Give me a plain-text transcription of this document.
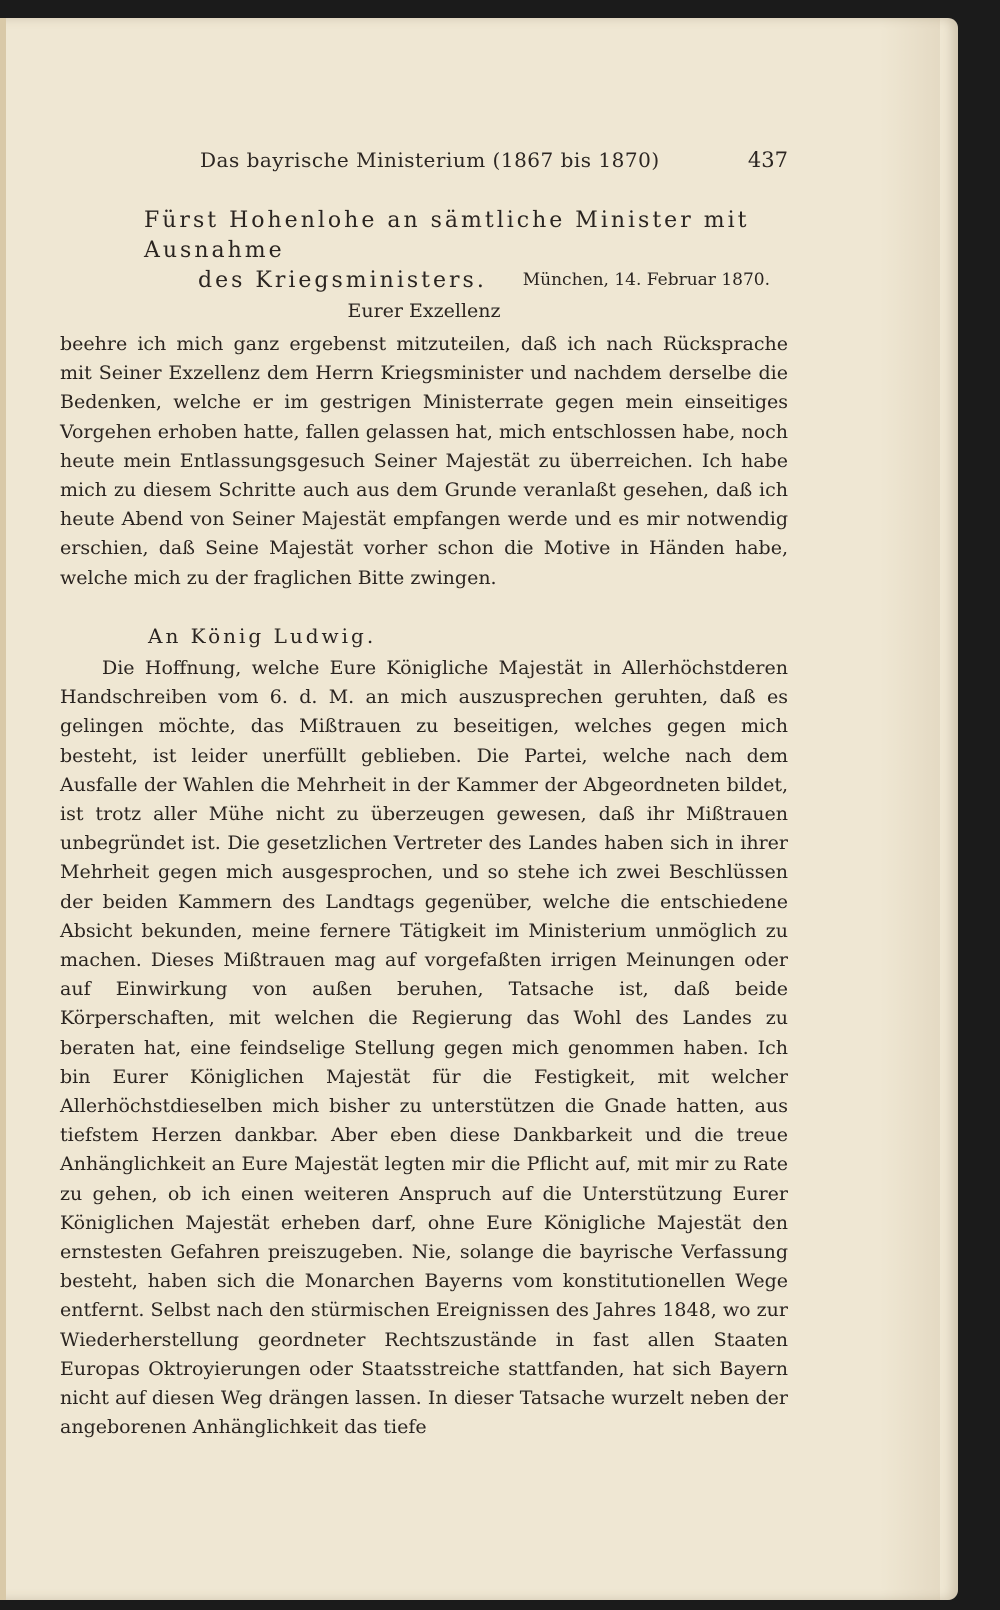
Das bayrische Ministerium (1867 bis 1870)	437
Fürst Hohenlohe an sämtliche Minister mit Ausnahme
des Kriegsministers.	München, 14. Februar 1870.
Eurer Exzellenz
beehre ich mich ganz ergebenst mitzuteilen, daß ich nach Rücksprache mit Seiner Exzellenz dem Herrn Kriegsminister und nachdem derselbe die Bedenken, welche er im gestrigen Ministerrate gegen mein einseitiges Vorgehen erhoben hatte, fallen gelassen hat, mich entschlossen habe, noch heute mein Entlassungsgesuch Seiner Majestät zu überreichen. Ich habe mich zu diesem Schritte auch aus dem Grunde veranlaßt gesehen, daß ich heute Abend von Seiner Majestät empfangen werde und es mir notwendig erschien, daß Seine Majestät vorher schon die Motive in Händen habe, welche mich zu der fraglichen Bitte zwingen.
An König Ludwig.
Die Hoffnung, welche Eure Königliche Majestät in Allerhöchstderen Handschreiben vom 6. d. M. an mich auszusprechen geruhten, daß es gelingen möchte, das Mißtrauen zu beseitigen, welches gegen mich besteht, ist leider unerfüllt geblieben. Die Partei, welche nach dem Ausfalle der Wahlen die Mehrheit in der Kammer der Abgeordneten bildet, ist trotz aller Mühe nicht zu überzeugen gewesen, daß ihr Mißtrauen unbegründet ist. Die gesetzlichen Vertreter des Landes haben sich in ihrer Mehrheit gegen mich ausgesprochen, und so stehe ich zwei Beschlüssen der beiden Kammern des Landtags gegenüber, welche die entschiedene Absicht bekunden, meine fernere Tätigkeit im Ministerium unmöglich zu machen. Dieses Mißtrauen mag auf vorgefaßten irrigen Meinungen oder auf Einwirkung von außen beruhen, Tatsache ist, daß beide Körperschaften, mit welchen die Regierung das Wohl des Landes zu beraten hat, eine feindselige Stellung gegen mich genommen haben. Ich bin Eurer Königlichen Majestät für die Festigkeit, mit welcher Allerhöchstdieselben mich bisher zu unterstützen die Gnade hatten, aus tiefstem Herzen dankbar. Aber eben diese Dankbarkeit und die treue Anhänglichkeit an Eure Majestät legten mir die Pflicht auf, mit mir zu Rate zu gehen, ob ich einen weiteren Anspruch auf die Unterstützung Eurer Königlichen Majestät erheben darf, ohne Eure Königliche Majestät den ernstesten Gefahren preiszugeben. Nie, solange die bayrische Verfassung besteht, haben sich die Monarchen Bayerns vom konstitutionellen Wege entfernt. Selbst nach den stürmischen Ereignissen des Jahres 1848, wo zur Wiederherstellung geordneter Rechtszustände in fast allen Staaten Europas Oktroyierungen oder Staatsstreiche stattfanden, hat sich Bayern nicht auf diesen Weg drängen lassen. In dieser Tatsache wurzelt neben der angeborenen Anhänglichkeit das tiefe
